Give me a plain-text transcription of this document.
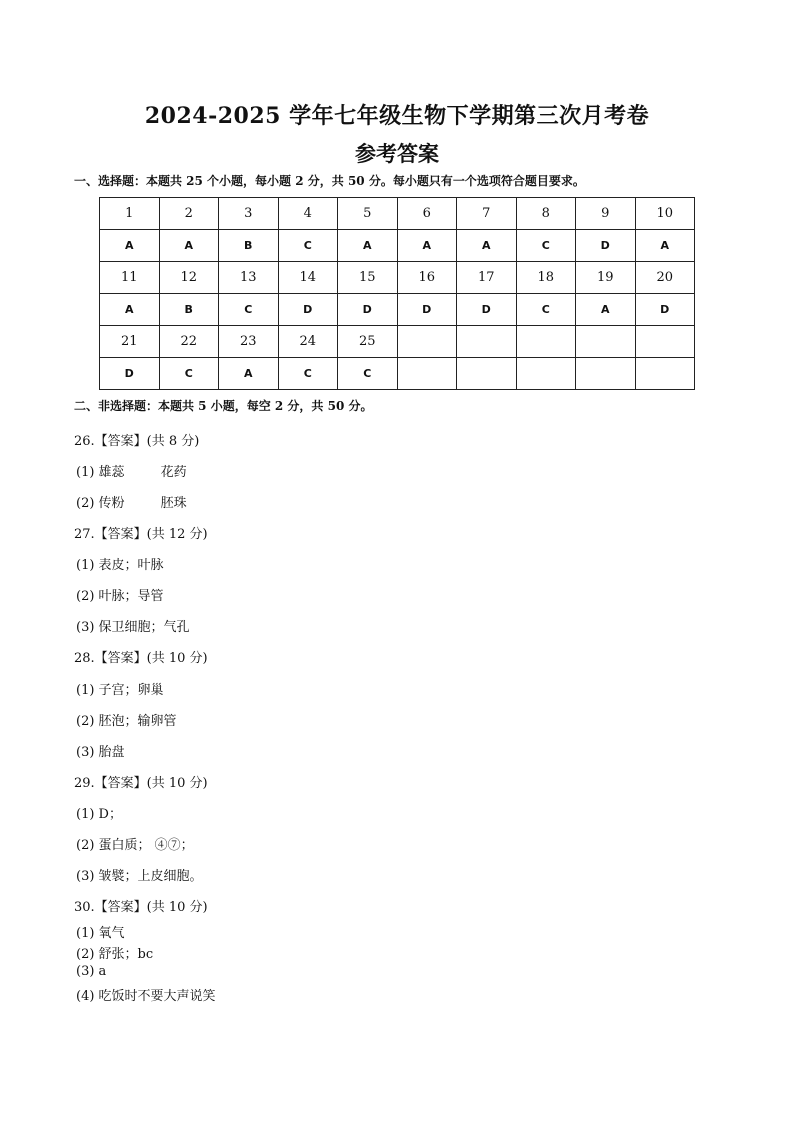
2024-2025 学年七年级生物下学期第三次月考卷
参考答案
一、选择题：本题共 25 个小题，每小题 2 分，共 50 分。每小题只有一个选项符合题目要求。
1	2	3	4	5	6	7	8	9	10
A	A	B	C	A	A	A	C	D	A
11	12	13	14	15	16	17	18	19	20
A	B	C	D	D	D	D	C	A	D
21	22	23	24	25					
D	C	A	C	C					
二、非选择题：本题共 5 小题，每空 2 分，共 50 分。
26.【答案】(共 8 分)
(1) 雄蕊	花药
(2) 传粉	胚珠
27.【答案】(共 12 分)
(1) 表皮；叶脉
(2) 叶脉；导管
(3) 保卫细胞；气孔
28.【答案】(共 10 分)
(1) 子宫；卵巢
(2) 胚泡；输卵管
(3) 胎盘
29.【答案】(共 10 分)
(1) D；
(2) 蛋白质； ④⑦；
(3) 皱襞；上皮细胞。
30.【答案】(共 10 分)
(1) 氧气
(2) 舒张；bc
(3) a
(4) 吃饭时不要大声说笑
